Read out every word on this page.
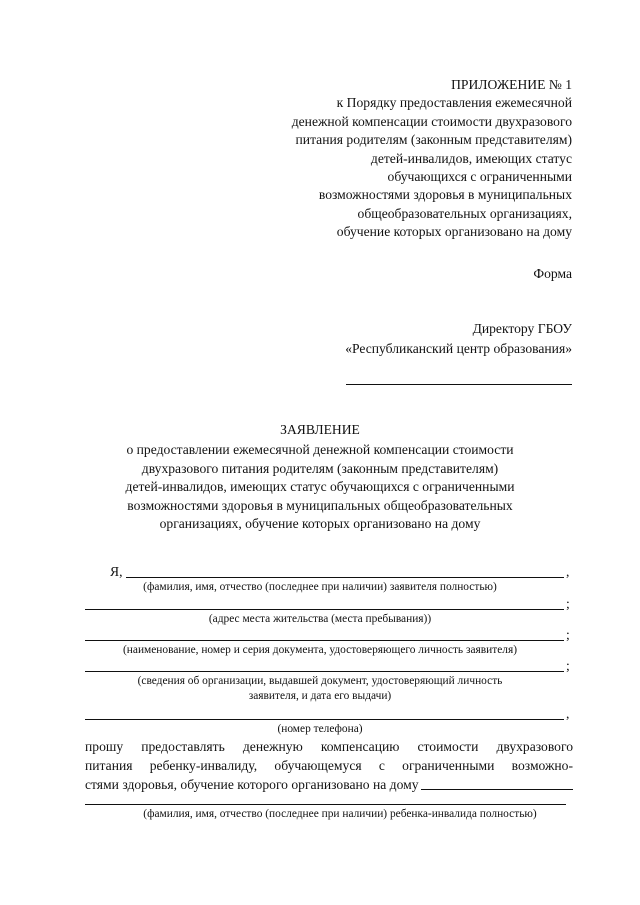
ПРИЛОЖЕНИЕ № 1
к Порядку предоставления ежемесячной
денежной компенсации стоимости двухразового
питания родителям (законным представителям)
детей-инвалидов, имеющих статус
обучающихся с ограниченными
возможностями здоровья в муниципальных
общеобразовательных организациях,
обучение которых организовано на дому
Форма
Директору ГБОУ
«Республиканский центр образования»
ЗАЯВЛЕНИЕ
о предоставлении ежемесячной денежной компенсации стоимости
двухразового питания родителям (законным представителям)
детей-инвалидов, имеющих статус обучающихся с ограниченными
возможностями здоровья в муниципальных общеобразовательных
организациях, обучение которых организовано на дому
Я,	,
(фамилия, имя, отчество (последнее при наличии) заявителя полностью)
;
(адрес места жительства (места пребывания))
;
(наименование, номер и серия документа, удостоверяющего личность заявителя)
;
(сведения об организации, выдавшей документ, удостоверяющий личность
заявителя, и дата его выдачи)
,
(номер телефона)
прошу предоставлять денежную компенсацию стоимости двухразового
питания ребенку-инвалиду, обучающемуся с ограниченными возможно-
стями здоровья, обучение которого организовано на дому
(фамилия, имя, отчество (последнее при наличии) ребенка-инвалида полностью)
